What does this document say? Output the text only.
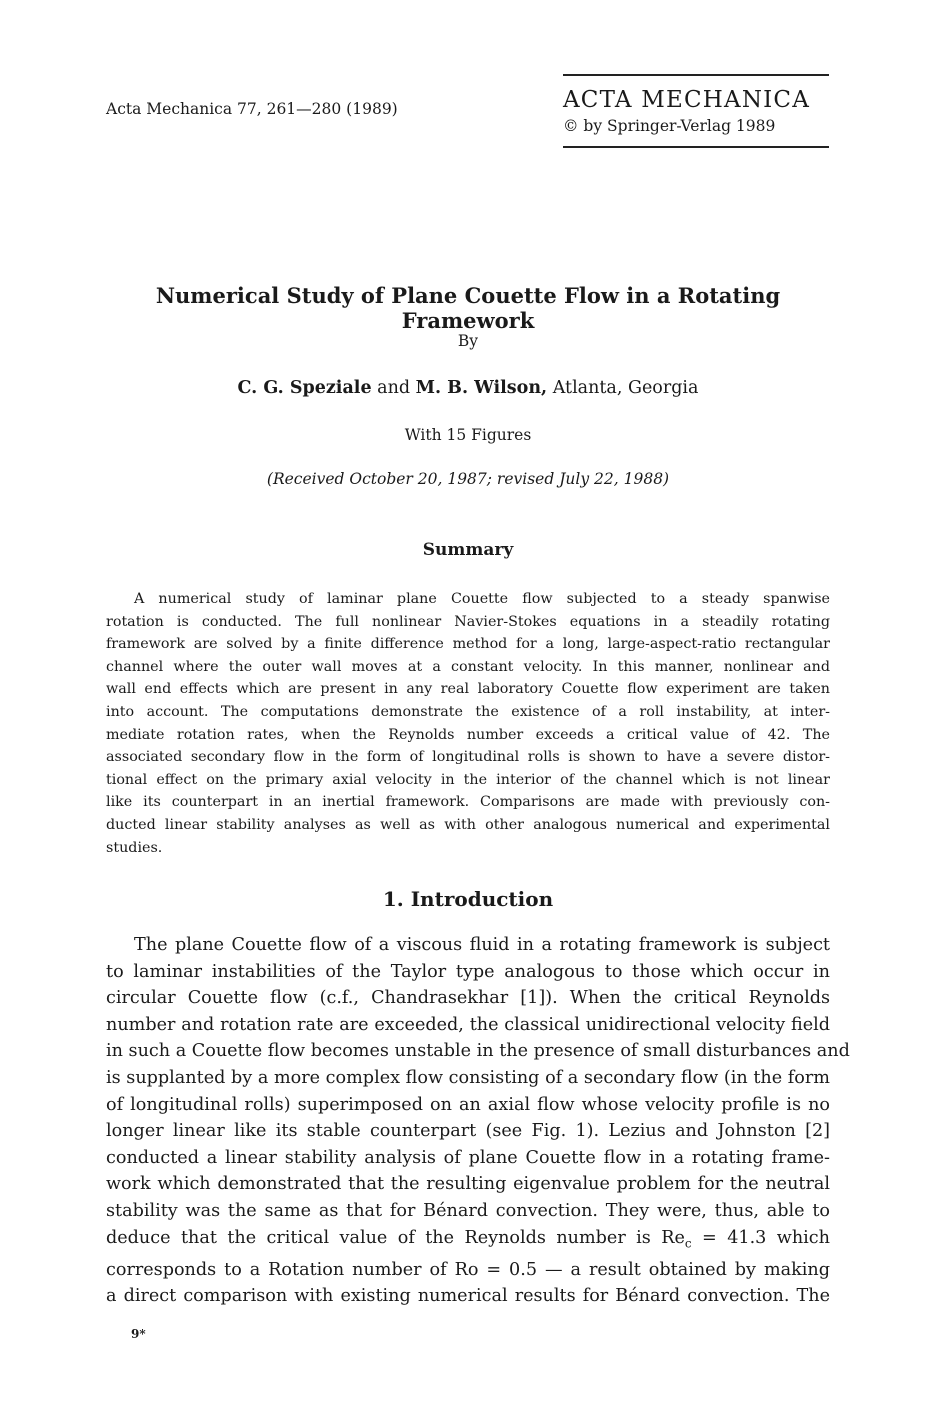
Acta Mechanica 77, 261—280 (1989)	ACTA MECHANICA
© by Springer-Verlag 1989
Numerical Study of Plane Couette Flow in a Rotating Framework
By
C. G. Speziale and M. B. Wilson, Atlanta, Georgia
With 15 Figures
(Received October 20, 1987; revised July 22, 1988)
Summary
A numerical study of laminar plane Couette flow subjected to a steady spanwise
rotation is conducted. The full nonlinear Navier-Stokes equations in a steadily rotating
framework are solved by a finite difference method for a long, large-aspect-ratio rectangular
channel where the outer wall moves at a constant velocity. In this manner, nonlinear and
wall end effects which are present in any real laboratory Couette flow experiment are taken
into account. The computations demonstrate the existence of a roll instability, at inter-
mediate rotation rates, when the Reynolds number exceeds a critical value of 42. The
associated secondary flow in the form of longitudinal rolls is shown to have a severe distor-
tional effect on the primary axial velocity in the interior of the channel which is not linear
like its counterpart in an inertial framework. Comparisons are made with previously con-
ducted linear stability analyses as well as with other analogous numerical and experimental
studies.
1. Introduction
The plane Couette flow of a viscous fluid in a rotating framework is subject
to laminar instabilities of the Taylor type analogous to those which occur in
circular Couette flow (c.f., Chandrasekhar [1]). When the critical Reynolds
number and rotation rate are exceeded, the classical unidirectional velocity field
in such a Couette flow becomes unstable in the presence of small disturbances and
is supplanted by a more complex flow consisting of a secondary flow (in the form
of longitudinal rolls) superimposed on an axial flow whose velocity profile is no
longer linear like its stable counterpart (see Fig. 1). Lezius and Johnston [2]
conducted a linear stability analysis of plane Couette flow in a rotating frame-
work which demonstrated that the resulting eigenvalue problem for the neutral
stability was the same as that for Bénard convection. They were, thus, able to
deduce that the critical value of the Reynolds number is $Re_c = 41.3$ which
corresponds to a Rotation number of Ro = 0.5 — a result obtained by making
a direct comparison with existing numerical results for Bénard convection. The
9*
